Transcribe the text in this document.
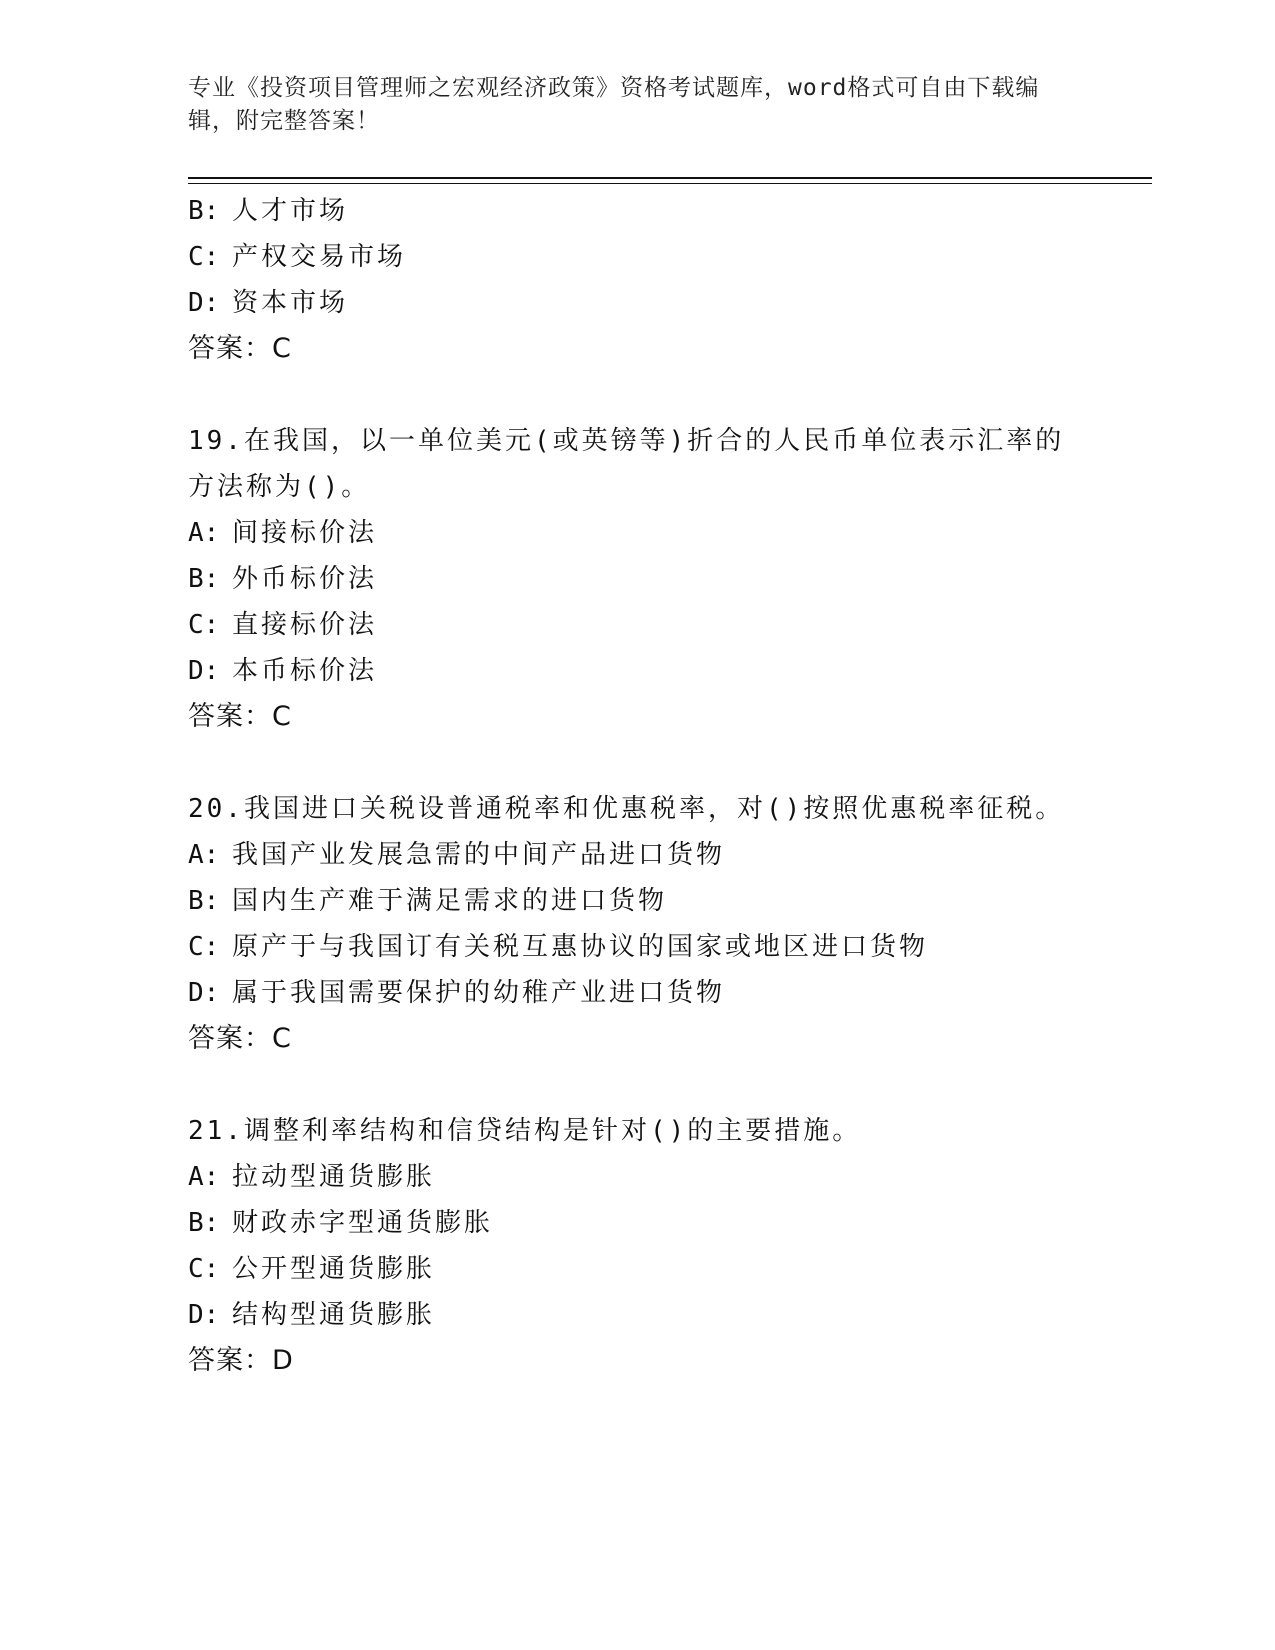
专业《投资项目管理师之宏观经济政策》资格考试题库，word格式可自由下载编辑，附完整答案！
B: 人才市场
C: 产权交易市场
D: 资本市场
答案：C
19.在我国，以一单位美元(或英镑等)折合的人民币单位表示汇率的方法称为()。
A: 间接标价法
B: 外币标价法
C: 直接标价法
D: 本币标价法
答案：C
20.我国进口关税设普通税率和优惠税率，对()按照优惠税率征税。
A: 我国产业发展急需的中间产品进口货物
B: 国内生产难于满足需求的进口货物
C: 原产于与我国订有关税互惠协议的国家或地区进口货物
D: 属于我国需要保护的幼稚产业进口货物
答案：C
21.调整利率结构和信贷结构是针对()的主要措施。
A: 拉动型通货膨胀
B: 财政赤字型通货膨胀
C: 公开型通货膨胀
D: 结构型通货膨胀
答案：D
